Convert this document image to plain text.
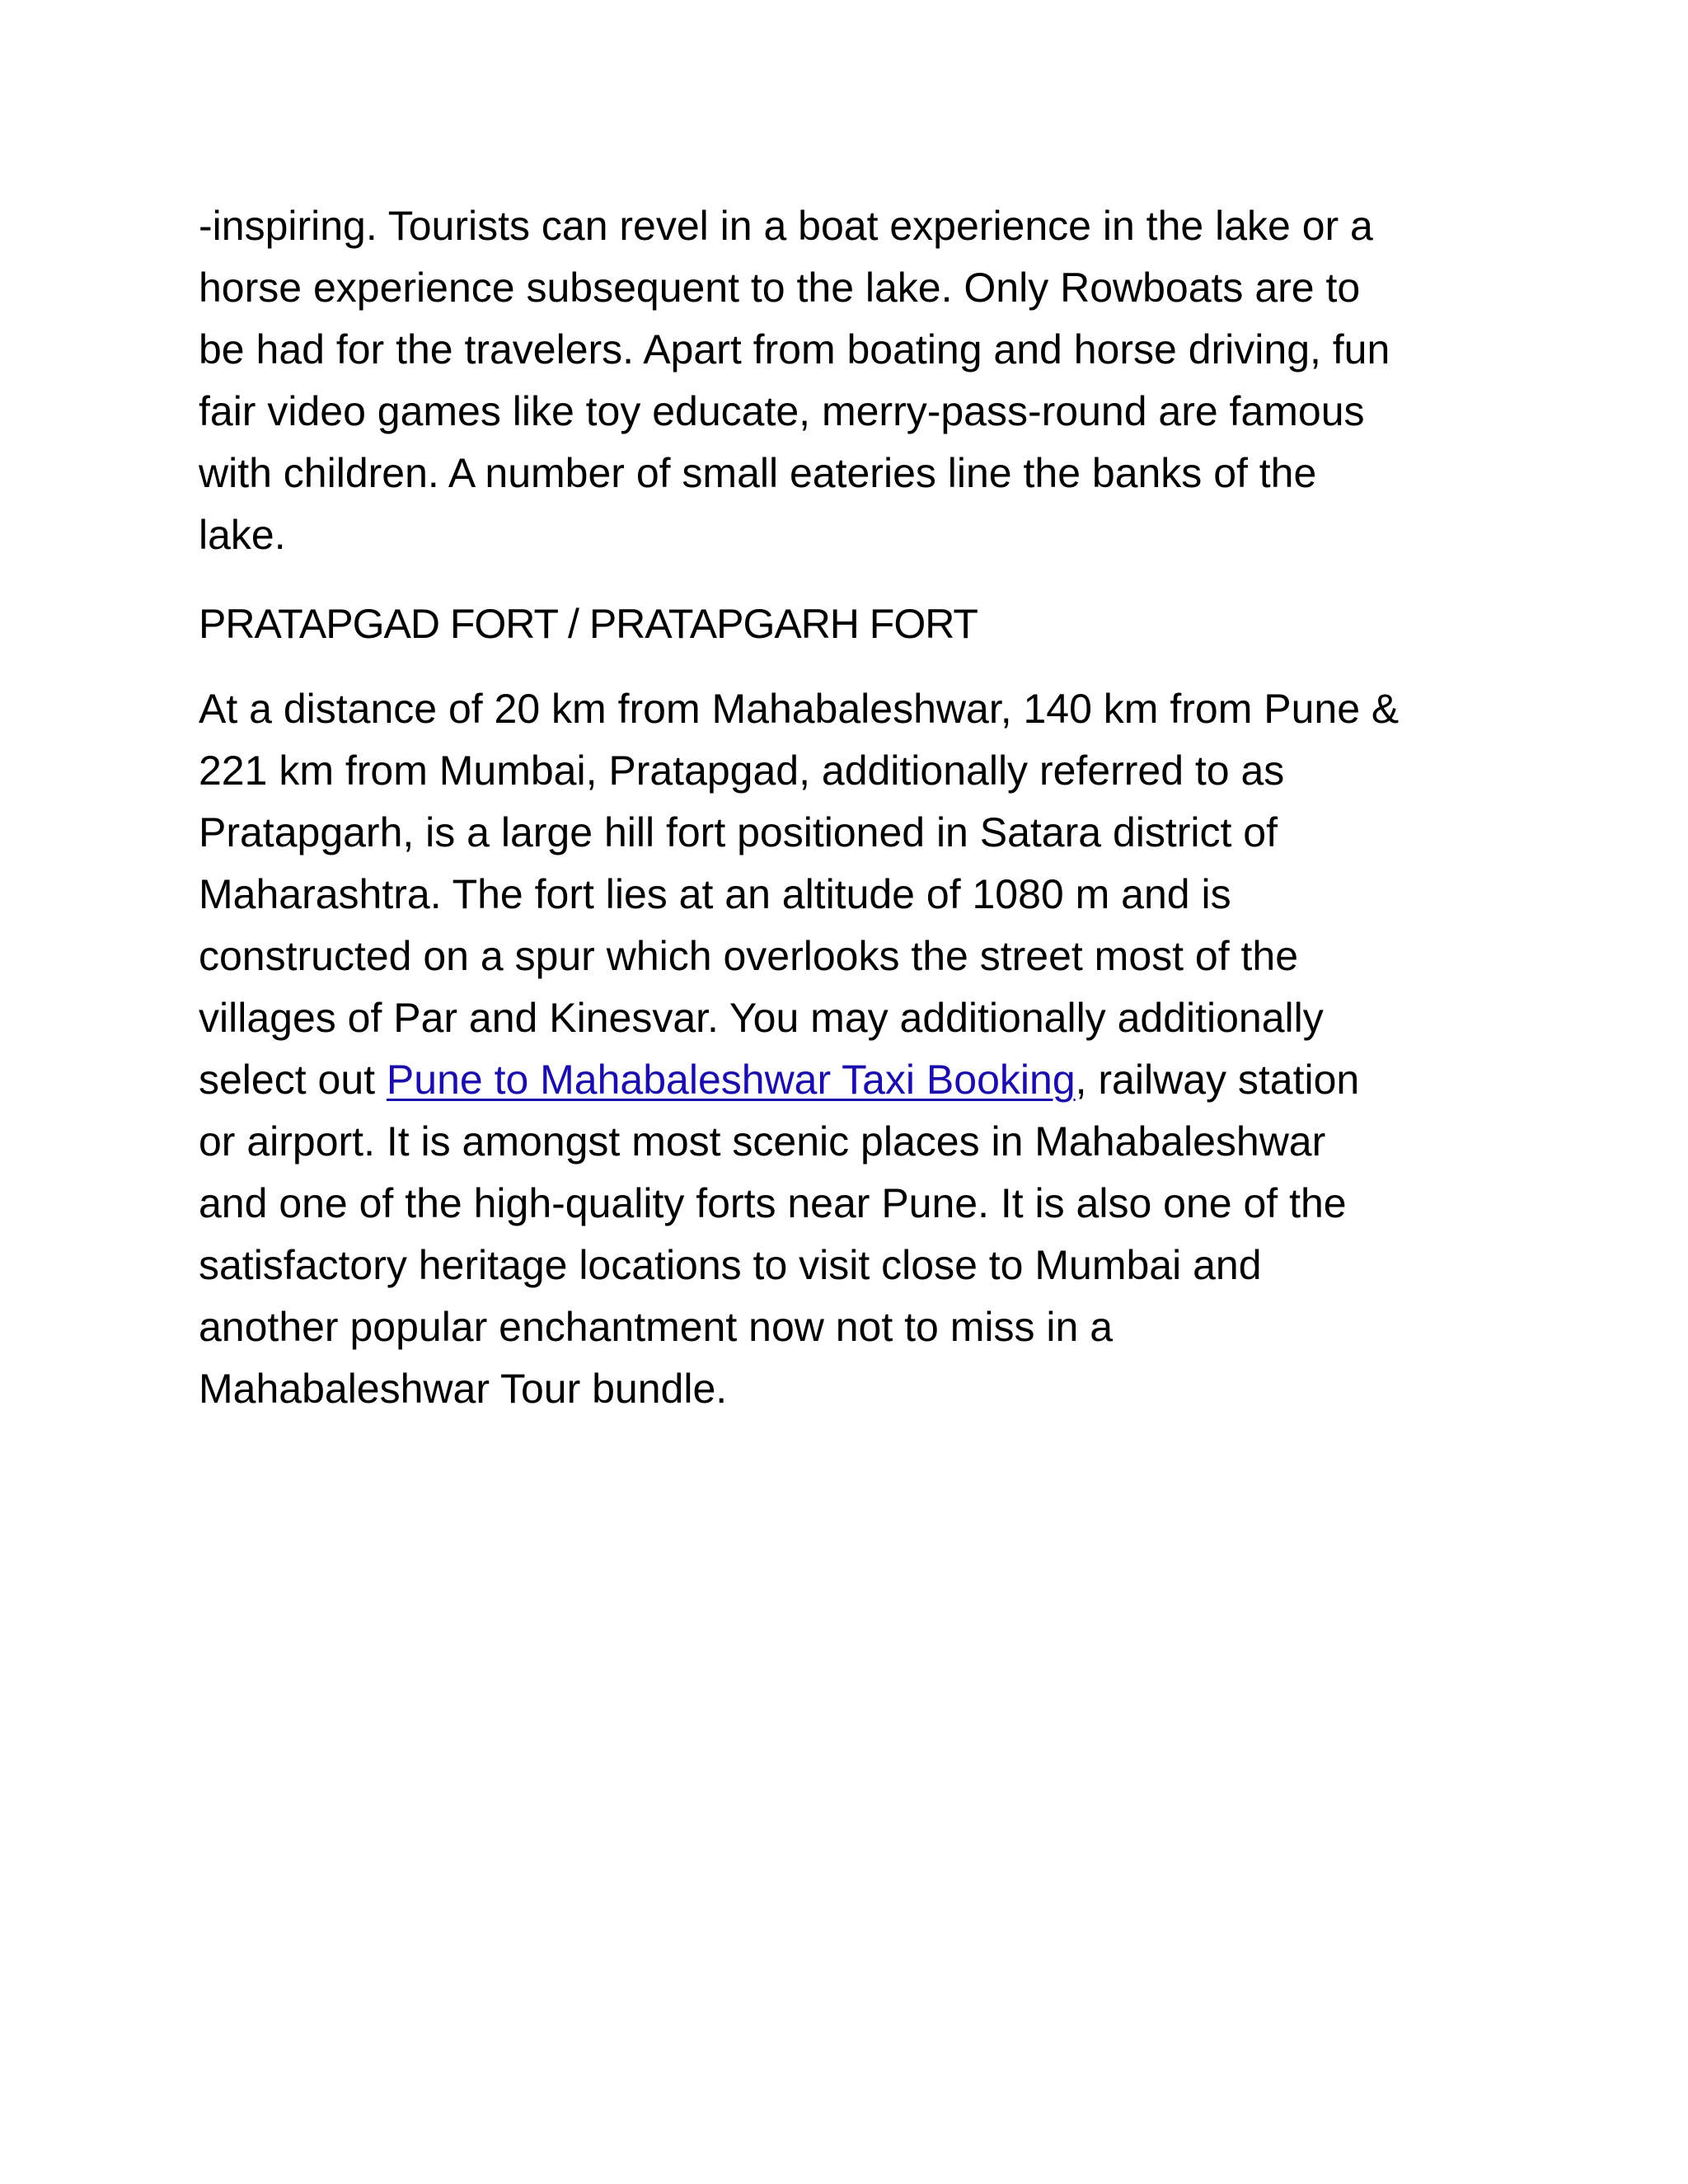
-inspiring. Tourists can revel in a boat experience in the lake or a
horse experience subsequent to the lake. Only Rowboats are to
be had for the travelers. Apart from boating and horse driving, fun
fair video games like toy educate, merry-pass-round are famous
with children. A number of small eateries line the banks of the
lake.

PRATAPGAD FORT / PRATAPGARH FORT

At a distance of 20 km from Mahabaleshwar, 140 km from Pune &
221 km from Mumbai, Pratapgad, additionally referred to as
Pratapgarh, is a large hill fort positioned in Satara district of
Maharashtra. The fort lies at an altitude of 1080 m and is
constructed on a spur which overlooks the street most of the
villages of Par and Kinesvar. You may additionally additionally
select out Pune to Mahabaleshwar Taxi Booking, railway station
or airport. It is amongst most scenic places in Mahabaleshwar
and one of the high-quality forts near Pune. It is also one of the
satisfactory heritage locations to visit close to Mumbai and
another popular enchantment now not to miss in a
Mahabaleshwar Tour bundle.
